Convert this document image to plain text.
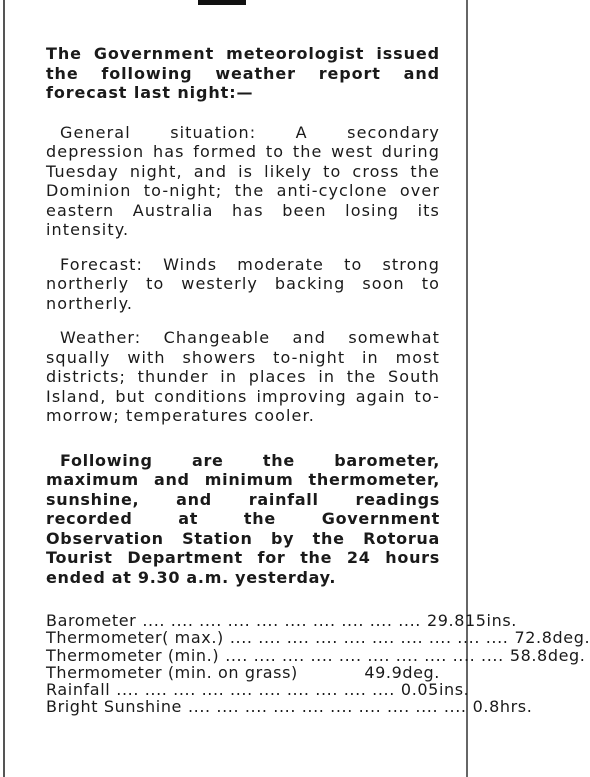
The Government meteorologist issued the following weather report and forecast last night:—

General situation: A secondary depression has formed to the west during Tuesday night, and is likely to cross the Dominion to-night; the anti-cyclone over eastern Australia has been losing its intensity.

Forecast: Winds moderate to strong northerly to westerly backing soon to northerly.

Weather: Changeable and somewhat squally with showers to-night in most districts; thunder in places in the South Island, but conditions improving again to-morrow; temperatures cooler.

Following are the barometer, maximum and minimum thermometer, sunshine, and rainfall readings recorded at the Government Observation Station by the Rotorua Tourist Department for the 24 hours ended at 9.30 a.m. yesterday.

Barometer .... .... .... .... .... .... .... .... .... .... 29.815ins.
Thermometer( max.) .... .... .... .... .... .... .... .... .... .... 72.8deg.
Thermometer (min.) .... .... .... .... .... .... .... .... .... .... 58.8deg.
Thermometer (min. on grass)	49.9deg.
Rainfall .... .... .... .... .... .... .... .... .... .... 0.05ins.
Bright Sunshine .... .... .... .... .... .... .... .... .... .... 0.8hrs.
